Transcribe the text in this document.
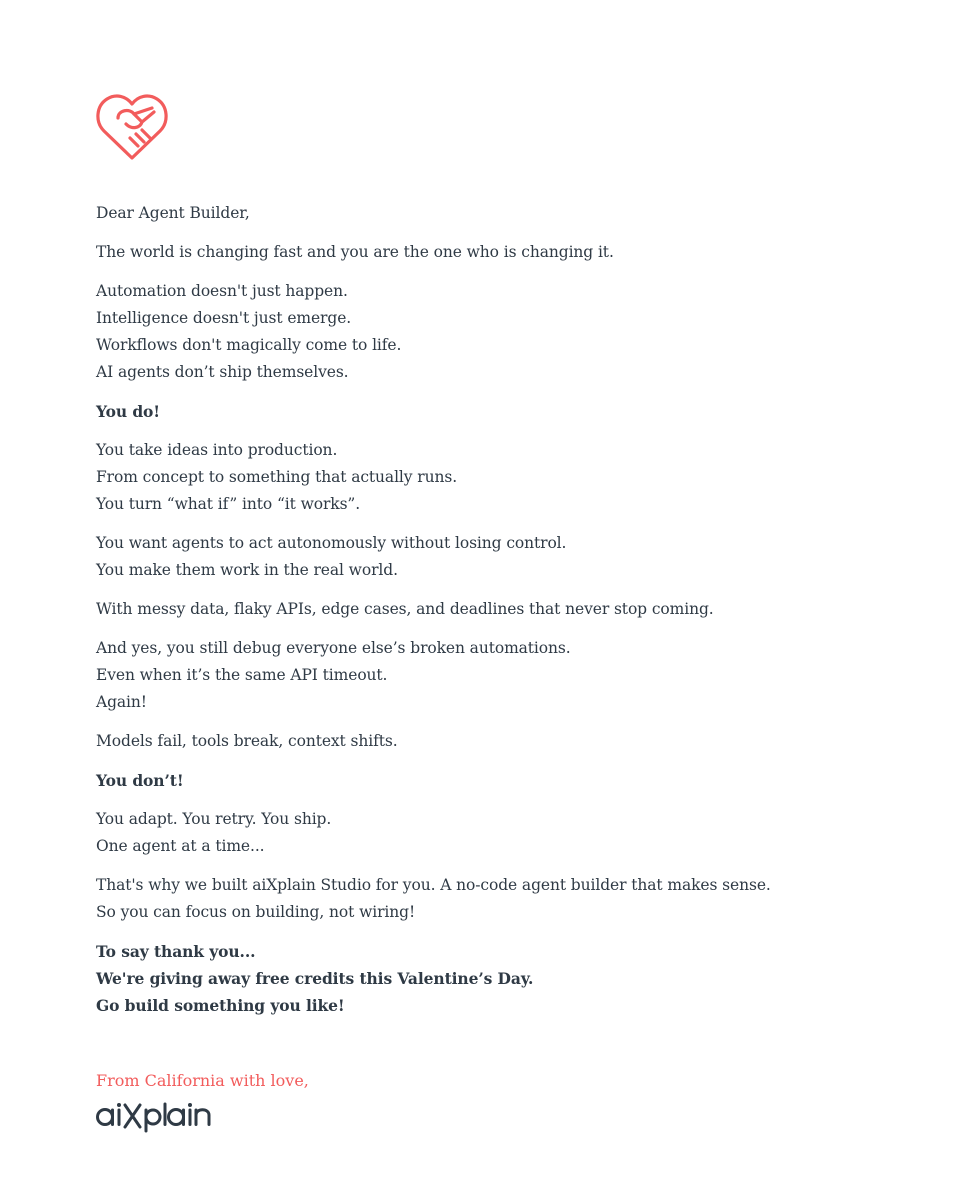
Dear Agent Builder,
The world is changing fast and you are the one who is changing it.
Automation doesn't just happen.
Intelligence doesn't just emerge.
Workflows don't magically come to life.
AI agents don’t ship themselves.
You do!
You take ideas into production.
From concept to something that actually runs.
You turn “what if” into “it works”.
You want agents to act autonomously without losing control.
You make them work in the real world.
With messy data, flaky APIs, edge cases, and deadlines that never stop coming.
And yes, you still debug everyone else’s broken automations.
Even when it’s the same API timeout.
Again!
Models fail, tools break, context shifts.
You don’t!
You adapt. You retry. You ship.
One agent at a time...
That's why we built aiXplain Studio for you. A no-code agent builder that makes sense.
So you can focus on building, not wiring!
To say thank you...
We're giving away free credits this Valentine’s Day.
Go build something you like!
From California with love,
